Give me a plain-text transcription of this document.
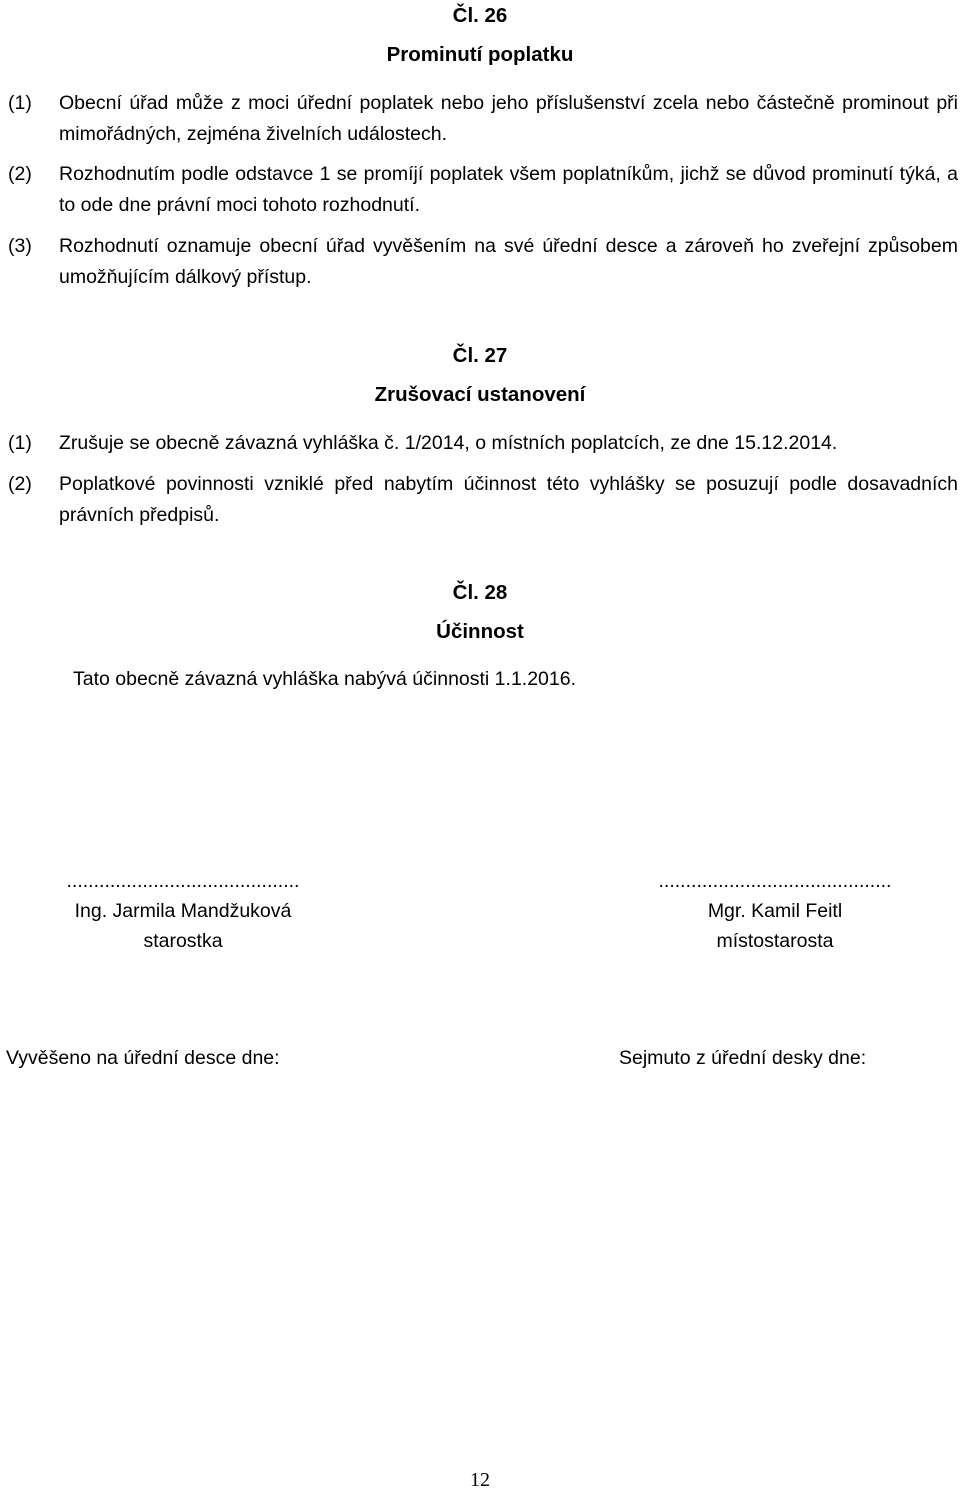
Čl. 26
Prominutí poplatku
(1) Obecní úřad může z moci úřední poplatek nebo jeho příslušenství zcela nebo částečně prominout při mimořádných, zejména živelních událostech.
(2) Rozhodnutím podle odstavce 1 se promíjí poplatek všem poplatníkům, jichž se důvod prominutí týká, a to ode dne právní moci tohoto rozhodnutí.
(3) Rozhodnutí oznamuje obecní úřad vyvěšením na své úřední desce a zároveň ho zveřejní způsobem umožňujícím dálkový přístup.
Čl. 27
Zrušovací ustanovení
(1) Zrušuje se obecně závazná vyhláška č. 1/2014, o místních poplatcích, ze dne 15.12.2014.
(2) Poplatkové povinnosti vzniklé před nabytím účinnost této vyhlášky se posuzují podle dosavadních právních předpisů.
Čl. 28
Účinnost
Tato obecně závazná vyhláška nabývá účinnosti 1.1.2016.
...........................................
Ing. Jarmila Mandžuková
starostka
...........................................
Mgr. Kamil Feitl
místostarosta
Vyvěšeno na úřední desce dne:	Sejmuto z úřední desky dne:
12
